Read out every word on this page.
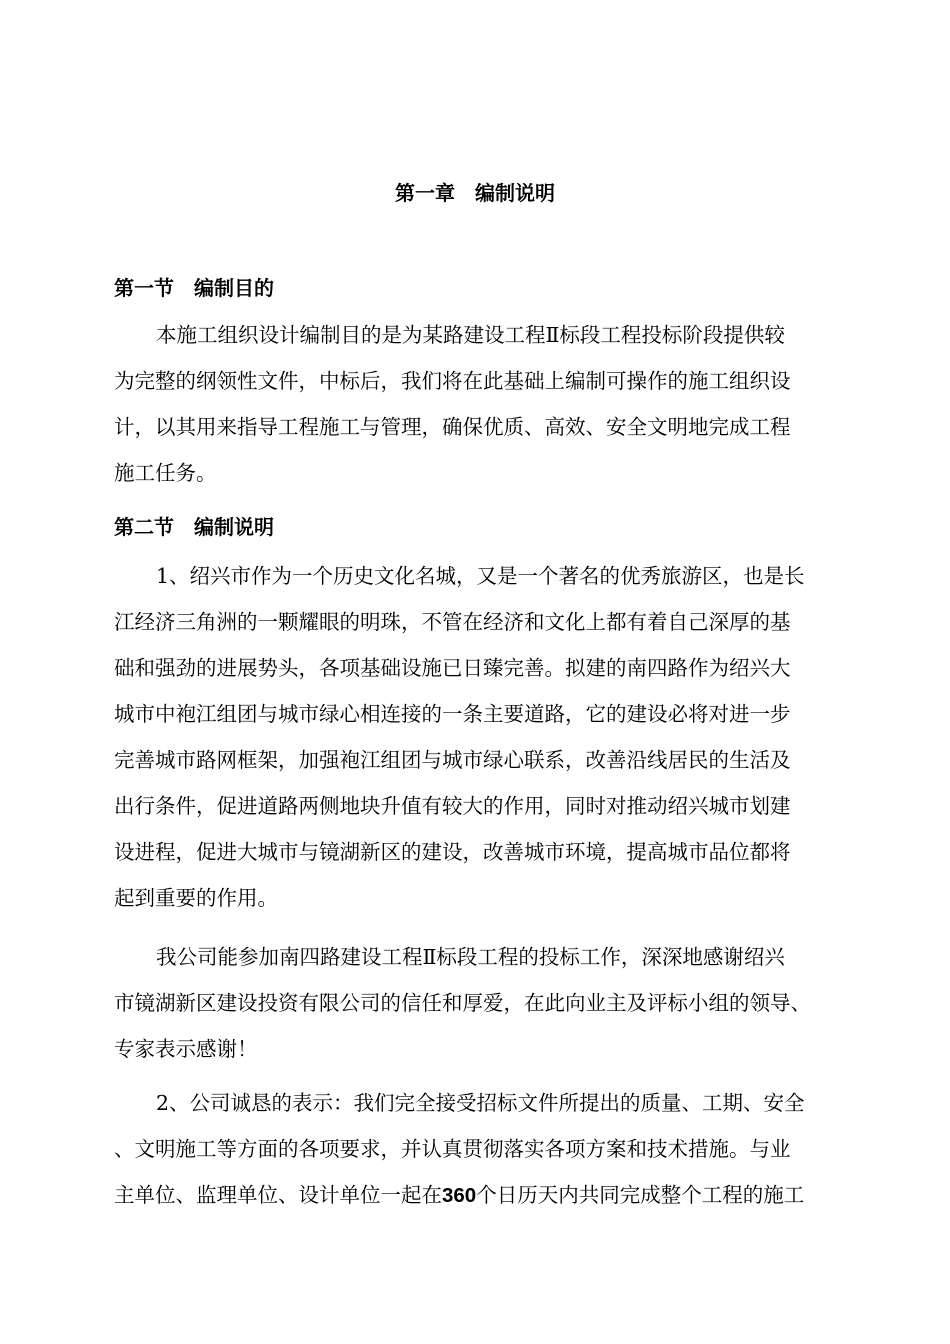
第一章　编制说明
第一节　编制目的
本施工组织设计编制目的是为某路建设工程Ⅱ标段工程投标阶段提供较
为完整的纲领性文件，中标后，我们将在此基础上编制可操作的施工组织设
计，以其用来指导工程施工与管理，确保优质、高效、安全文明地完成工程
施工任务。
第二节　编制说明
1、绍兴市作为一个历史文化名城，又是一个著名的优秀旅游区，也是长
江经济三角洲的一颗耀眼的明珠，不管在经济和文化上都有着自己深厚的基
础和强劲的进展势头，各项基础设施已日臻完善。拟建的南四路作为绍兴大
城市中袍江组团与城市绿心相连接的一条主要道路，它的建设必将对进一步
完善城市路网框架，加强袍江组团与城市绿心联系，改善沿线居民的生活及
出行条件，促进道路两侧地块升值有较大的作用，同时对推动绍兴城市划建
设进程，促进大城市与镜湖新区的建设，改善城市环境，提高城市品位都将
起到重要的作用。
我公司能参加南四路建设工程Ⅱ标段工程的投标工作，深深地感谢绍兴
市镜湖新区建设投资有限公司的信任和厚爱，在此向业主及评标小组的领导、
专家表示感谢！
2、公司诚恳的表示：我们完全接受招标文件所提出的质量、工期、安全
、文明施工等方面的各项要求，并认真贯彻落实各项方案和技术措施。与业
主单位、监理单位、设计单位一起在360个日历天内共同完成整个工程的施工
